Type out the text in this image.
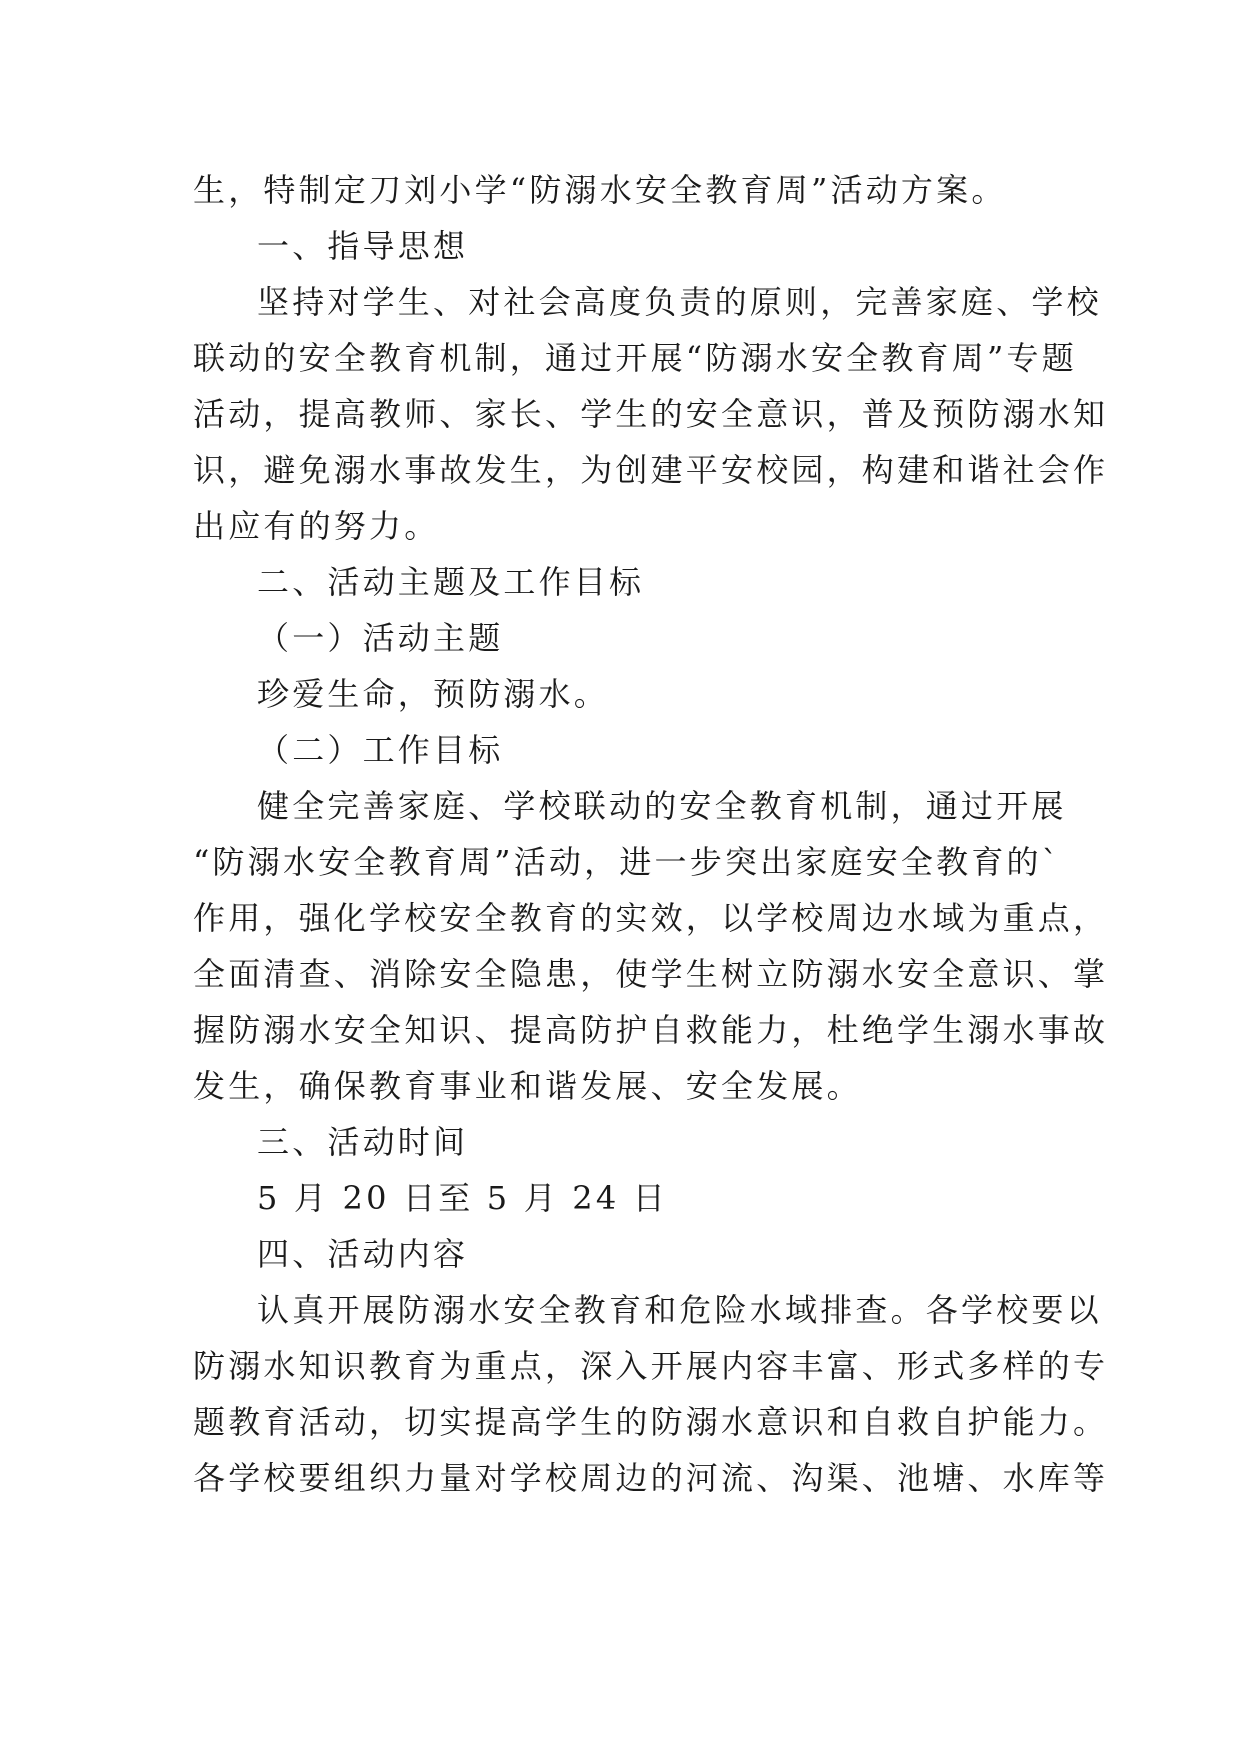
生，特制定刀刘小学“防溺水安全教育周”活动方案。
一、指导思想
坚持对学生、对社会高度负责的原则，完善家庭、学校
联动的安全教育机制，通过开展“防溺水安全教育周”专题
活动，提高教师、家长、学生的安全意识，普及预防溺水知
识，避免溺水事故发生，为创建平安校园，构建和谐社会作
出应有的努力。
二、活动主题及工作目标
（一）活动主题
珍爱生命，预防溺水。
（二）工作目标
健全完善家庭、学校联动的安全教育机制，通过开展
“防溺水安全教育周”活动，进一步突出家庭安全教育的`
作用，强化学校安全教育的实效，以学校周边水域为重点，
全面清查、消除安全隐患，使学生树立防溺水安全意识、掌
握防溺水安全知识、提高防护自救能力，杜绝学生溺水事故
发生，确保教育事业和谐发展、安全发展。
三、活动时间
5 月 20 日至 5 月 24 日
四、活动内容
认真开展防溺水安全教育和危险水域排查。各学校要以
防溺水知识教育为重点，深入开展内容丰富、形式多样的专
题教育活动，切实提高学生的防溺水意识和自救自护能力。
各学校要组织力量对学校周边的河流、沟渠、池塘、水库等
